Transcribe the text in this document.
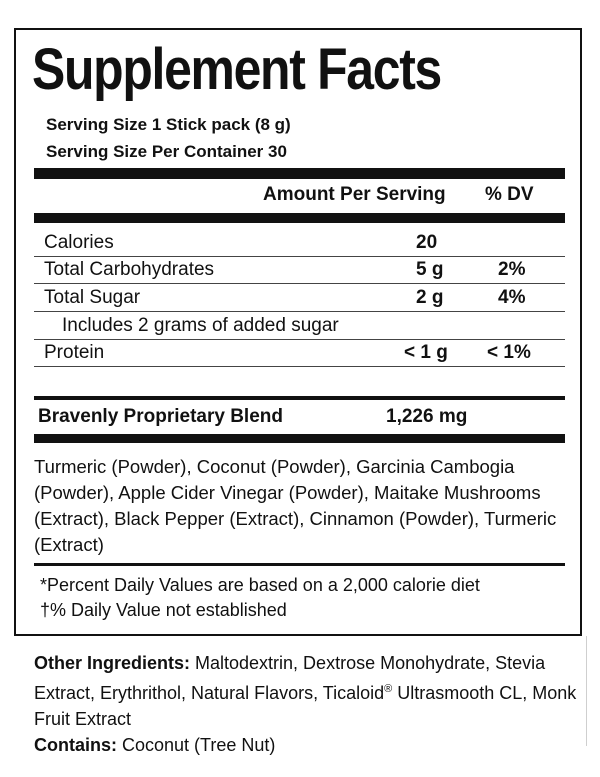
Supplement Facts
Serving Size 1 Stick pack (8 g)
Serving Size Per Container 30
Amount Per Serving % DV
Calories	20
Total Carbohydrates	5 g	2%
Total Sugar	2 g	4%
Includes 2 grams of added sugar
Protein	< 1 g < 1%
Bravenly Proprietary Blend	1,226 mg
Turmeric (Powder), Coconut (Powder), Garcinia Cambogia (Powder), Apple Cider Vinegar (Powder), Maitake Mushrooms (Extract), Black Pepper (Extract), Cinnamon (Powder), Turmeric (Extract)
*Percent Daily Values are based on a 2,000 calorie diet
†% Daily Value not established
Other Ingredients: Maltodextrin, Dextrose Monohydrate, Stevia Extract, Erythrithol, Natural Flavors, Ticaloid® Ultrasmooth CL, Monk Fruit Extract
Contains: Coconut (Tree Nut)
